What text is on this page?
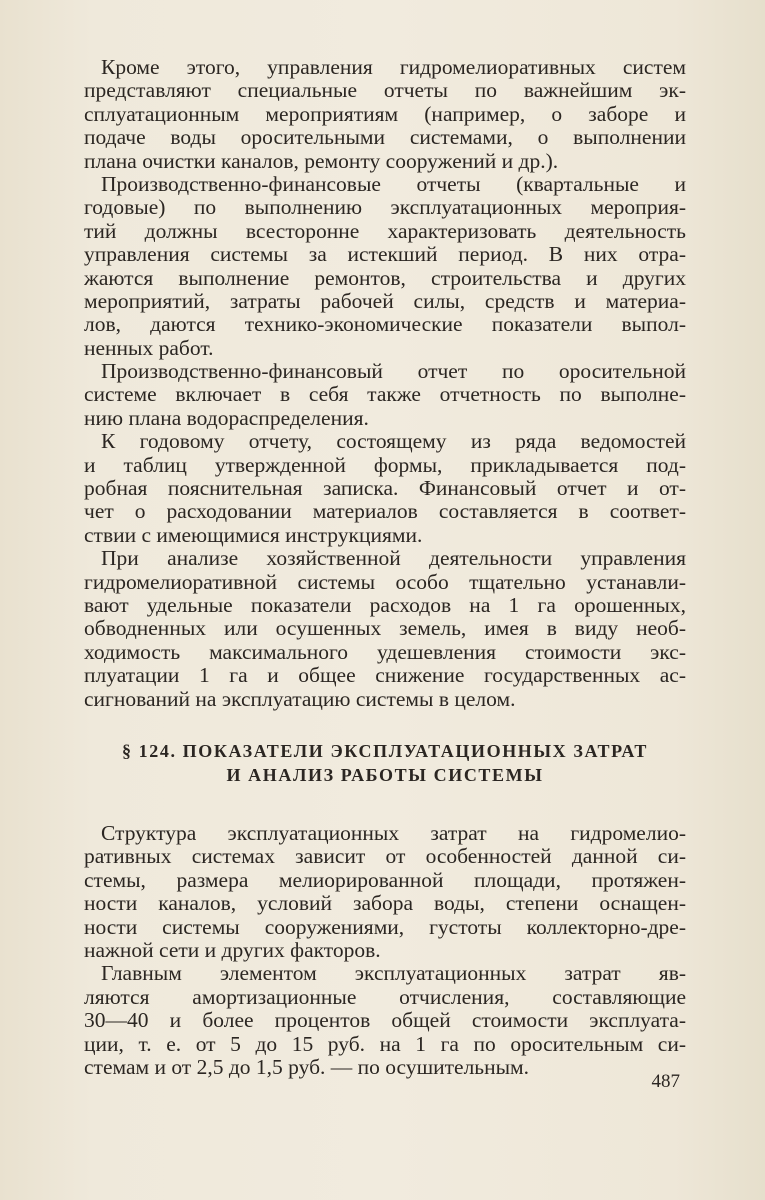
Кроме этого, управления гидромелиоративных систем
представляют специальные отчеты по важнейшим эк-
сплуатационным мероприятиям (например, о заборе и
подаче воды оросительными системами, о выполнении
плана очистки каналов, ремонту сооружений и др.).
Производственно-финансовые отчеты (квартальные и
годовые) по выполнению эксплуатационных мероприя-
тий должны всесторонне характеризовать деятельность
управления системы за истекший период. В них отра-
жаются выполнение ремонтов, строительства и других
мероприятий, затраты рабочей силы, средств и материа-
лов, даются технико-экономические показатели выпол-
ненных работ.
Производственно-финансовый отчет по оросительной
системе включает в себя также отчетность по выполне-
нию плана водораспределения.
К годовому отчету, состоящему из ряда ведомостей
и таблиц утвержденной формы, прикладывается под-
робная пояснительная записка. Финансовый отчет и от-
чет о расходовании материалов составляется в соответ-
ствии с имеющимися инструкциями.
При анализе хозяйственной деятельности управления
гидромелиоративной системы особо тщательно устанавли-
вают удельные показатели расходов на 1 га орошенных,
обводненных или осушенных земель, имея в виду необ-
ходимость максимального удешевления стоимости экс-
плуатации 1 га и общее снижение государственных ас-
сигнований на эксплуатацию системы в целом.
§ 124. ПОКАЗАТЕЛИ ЭКСПЛУАТАЦИОННЫХ ЗАТРАТ
И АНАЛИЗ РАБОТЫ СИСТЕМЫ
Структура эксплуатационных затрат на гидромелио-
ративных системах зависит от особенностей данной си-
стемы, размера мелиорированной площади, протяжен-
ности каналов, условий забора воды, степени оснащен-
ности системы сооружениями, густоты коллекторно-дре-
нажной сети и других факторов.
Главным элементом эксплуатационных затрат яв-
ляются амортизационные отчисления, составляющие
30—40 и более процентов общей стоимости эксплуата-
ции, т. е. от 5 до 15 руб. на 1 га по оросительным си-
стемам и от 2,5 до 1,5 руб. — по осушительным.
487
